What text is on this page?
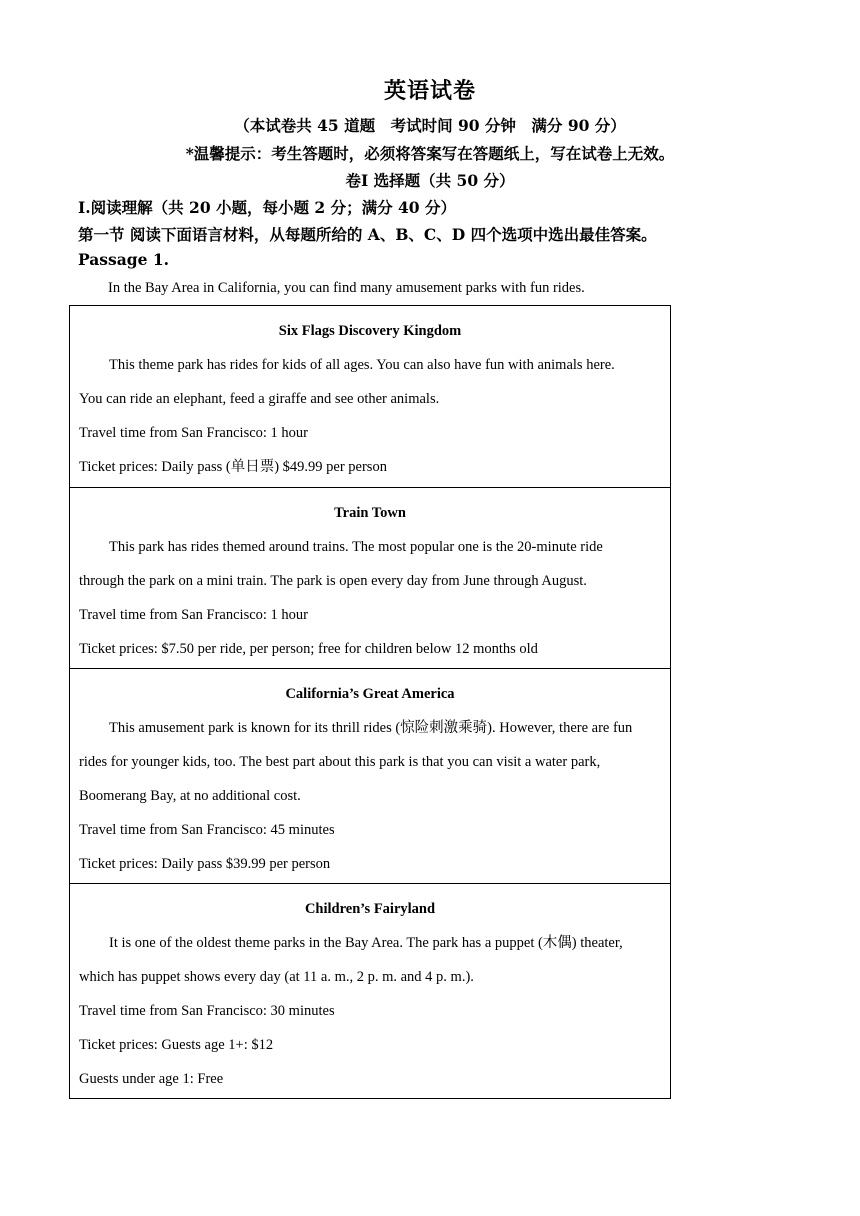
英语试卷
（本试卷共 45 道题　考试时间 90 分钟　满分 90 分）
*温馨提示：考生答题时，必须将答案写在答题纸上，写在试卷上无效。
卷Ⅰ 选择题（共 50 分）
I.阅读理解（共 20 小题，每小题 2 分；满分 40 分）
第一节 阅读下面语言材料，从每题所给的 A、B、C、D 四个选项中选出最佳答案。
Passage 1.
In the Bay Area in California, you can find many amusement parks with fun rides.
Six Flags Discovery Kingdom
This theme park has rides for kids of all ages. You can also have fun with animals here.
You can ride an elephant, feed a giraffe and see other animals.
Travel time from San Francisco: 1 hour
Ticket prices: Daily pass (单日票) $49.99 per person
Train Town
This park has rides themed around trains. The most popular one is the 20-minute ride
through the park on a mini train. The park is open every day from June through August.
Travel time from San Francisco: 1 hour
Ticket prices: $7.50 per ride, per person; free for children below 12 months old
California’s Great America
This amusement park is known for its thrill rides (惊险刺激乘骑). However, there are fun
rides for younger kids, too. The best part about this park is that you can visit a water park,
Boomerang Bay, at no additional cost.
Travel time from San Francisco: 45 minutes
Ticket prices: Daily pass $39.99 per person
Children’s Fairyland
It is one of the oldest theme parks in the Bay Area. The park has a puppet (木偶) theater,
which has puppet shows every day (at 11 a. m., 2 p. m. and 4 p. m.).
Travel time from San Francisco: 30 minutes
Ticket prices: Guests age 1+: $12
Guests under age 1: Free
